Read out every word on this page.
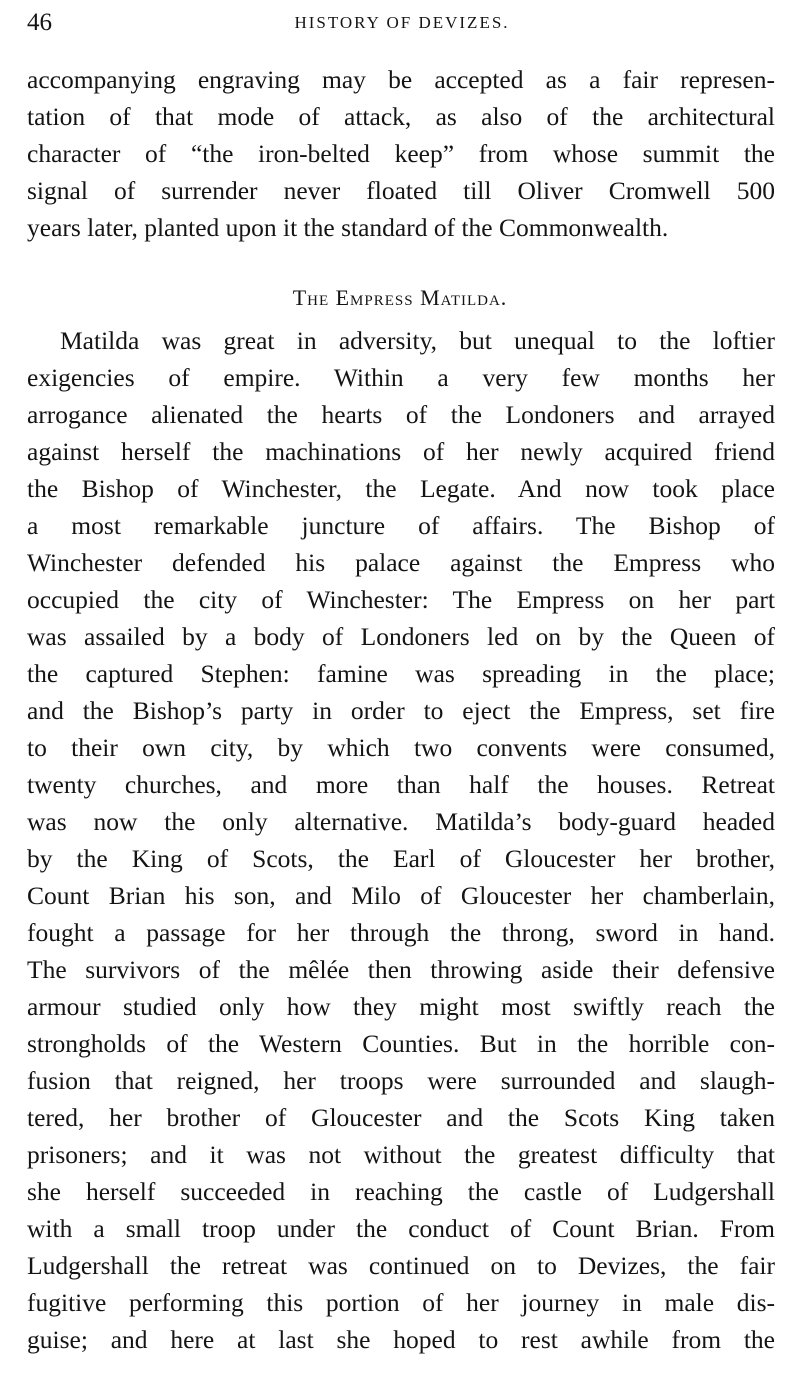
46	HISTORY OF DEVIZES.
accompanying engraving may be accepted as a fair represen-
tation of that mode of attack, as also of the architectural
character of “the iron-belted keep” from whose summit the
signal of surrender never floated till Oliver Cromwell 500
years later, planted upon it the standard of the Commonwealth.
The Empress Matilda.
Matilda was great in adversity, but unequal to the loftier
exigencies of empire. Within a very few months her
arrogance alienated the hearts of the Londoners and arrayed
against herself the machinations of her newly acquired friend
the Bishop of Winchester, the Legate. And now took place
a most remarkable juncture of affairs. The Bishop of
Winchester defended his palace against the Empress who
occupied the city of Winchester: The Empress on her part
was assailed by a body of Londoners led on by the Queen of
the captured Stephen: famine was spreading in the place;
and the Bishop’s party in order to eject the Empress, set fire
to their own city, by which two convents were consumed,
twenty churches, and more than half the houses. Retreat
was now the only alternative. Matilda’s body-guard headed
by the King of Scots, the Earl of Gloucester her brother,
Count Brian his son, and Milo of Gloucester her chamberlain,
fought a passage for her through the throng, sword in hand.
The survivors of the mêlée then throwing aside their defensive
armour studied only how they might most swiftly reach the
strongholds of the Western Counties. But in the horrible con-
fusion that reigned, her troops were surrounded and slaugh-
tered, her brother of Gloucester and the Scots King taken
prisoners; and it was not without the greatest difficulty that
she herself succeeded in reaching the castle of Ludgershall
with a small troop under the conduct of Count Brian. From
Ludgershall the retreat was continued on to Devizes, the fair
fugitive performing this portion of her journey in male dis-
guise; and here at last she hoped to rest awhile from the
